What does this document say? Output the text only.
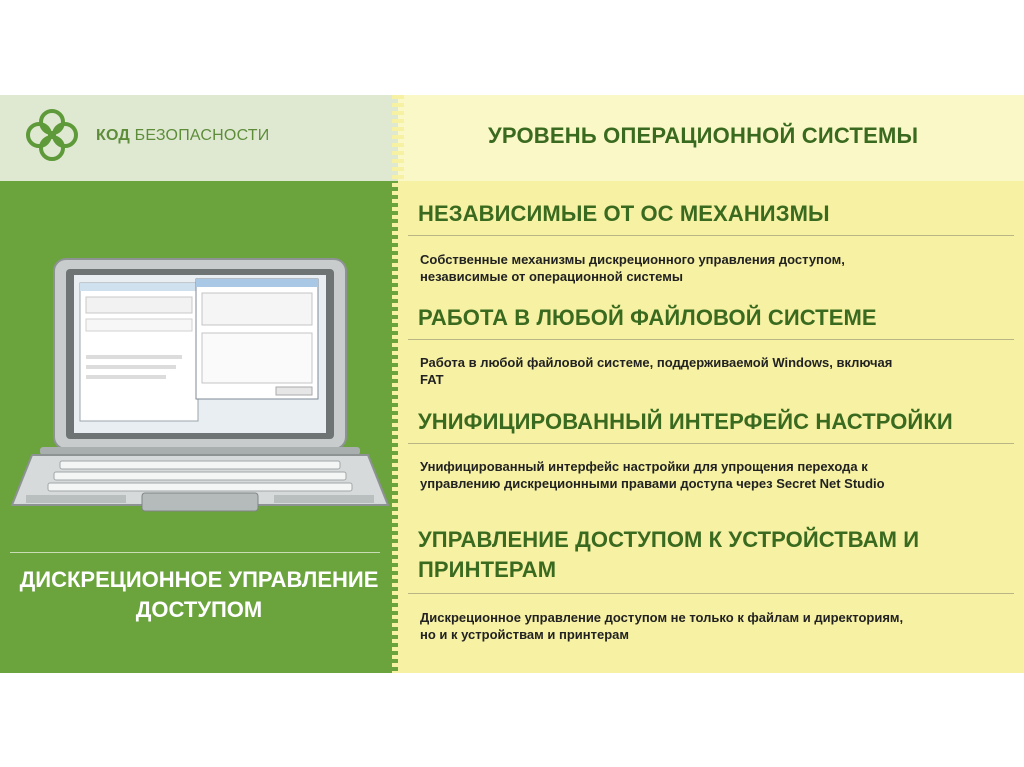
КОД БЕЗОПАСНОСТИ	УРОВЕНЬ ОПЕРАЦИОННОЙ СИСТЕМЫ
ДИСКРЕЦИОННОЕ УПРАВЛЕНИЕ
ДОСТУПОМ
НЕЗАВИСИМЫЕ ОТ ОС МЕХАНИЗМЫ
Собственные механизмы дискреционного управления доступом,
независимые от операционной системы
РАБОТА В ЛЮБОЙ ФАЙЛОВОЙ СИСТЕМЕ
Работа в любой файловой системе, поддерживаемой Windows, включая
FAT
УНИФИЦИРОВАННЫЙ ИНТЕРФЕЙС НАСТРОЙКИ
Унифицированный интерфейс настройки для упрощения перехода к
управлению дискреционными правами доступа через Secret Net Studio
УПРАВЛЕНИЕ ДОСТУПОМ К УСТРОЙСТВАМ И
ПРИНТЕРАМ
Дискреционное управление доступом не только к файлам и директориям,
но и к устройствам и принтерам
